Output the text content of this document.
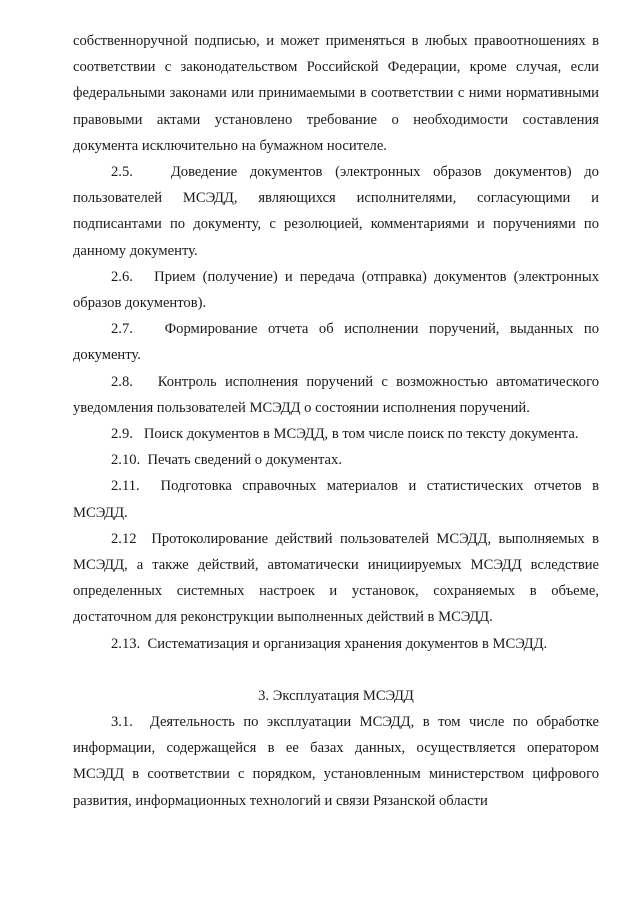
собственноручной подписью, и может применяться в любых правоотношениях в соответствии с законодательством Российской Федерации, кроме случая, если федеральными законами или принимаемыми в соответствии с ними нормативными правовыми актами установлено требование о необходимости составления документа исключительно на бумажном носителе.

2.5.	Доведение документов (электронных образов документов) до пользователей МСЭДД, являющихся исполнителями, согласующими и подписантами по документу, с резолюцией, комментариями и поручениями по данному документу.

2.6. Прием (получение) и передача (отправка) документов (электронных образов документов).

2.7. Формирование отчета об исполнении поручений, выданных по документу.

2.8. Контроль исполнения поручений с возможностью автоматического уведомления пользователей МСЭДД о состоянии исполнения поручений.

2.9. Поиск документов в МСЭДД, в том числе поиск по тексту документа.

2.10. Печать сведений о документах.

2.11. Подготовка справочных материалов и статистических отчетов в МСЭДД.

2.12 Протоколирование действий пользователей МСЭДД, выполняемых в МСЭДД, а также действий, автоматически инициируемых МСЭДД вследствие определенных системных настроек и установок, сохраняемых в объеме, достаточном для реконструкции выполненных действий в МСЭДД.

2.13. Систематизация и организация хранения документов в МСЭДД.

3. Эксплуатация МСЭДД

3.1. Деятельность по эксплуатации МСЭДД, в том числе по обработке информации, содержащейся в ее базах данных, осуществляется оператором МСЭДД в соответствии с порядком, установленным министерством цифрового развития, информационных технологий и связи Рязанской области
